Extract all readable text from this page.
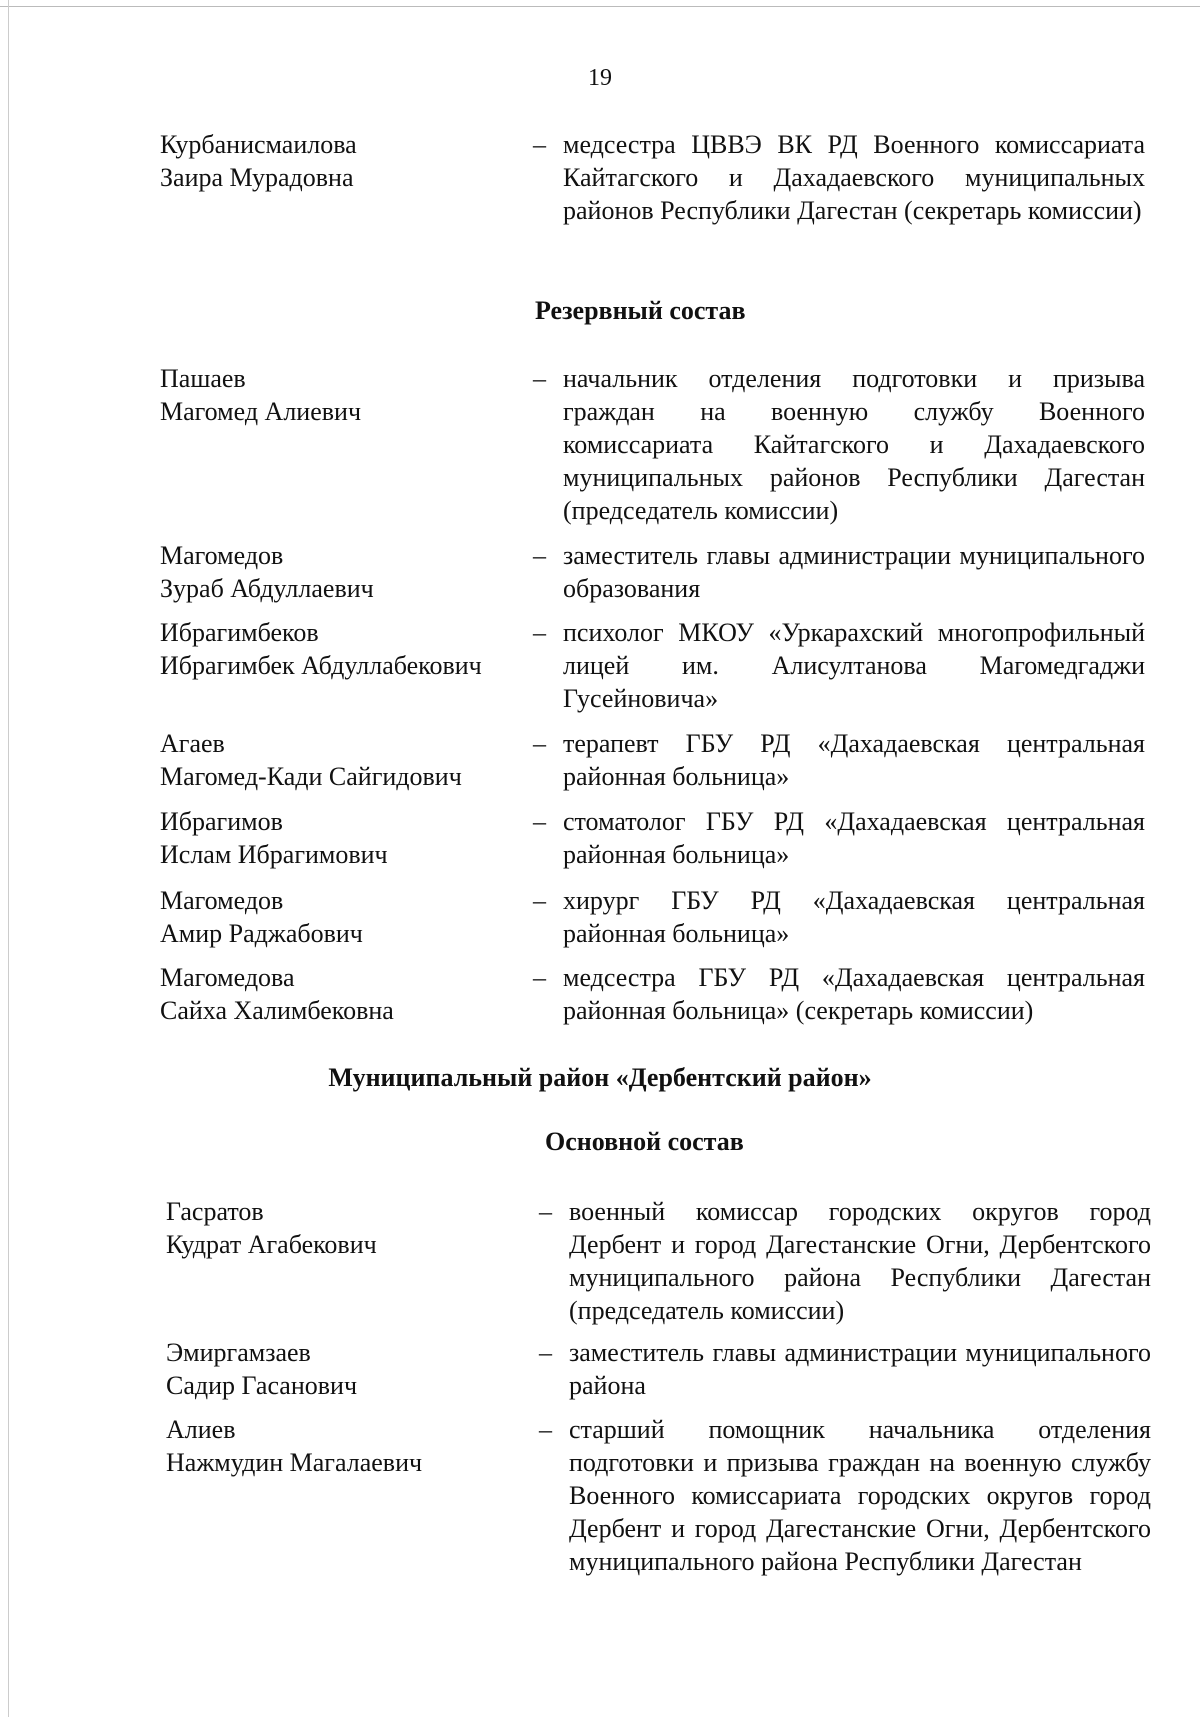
19
Курбанисмаилова
Заира Мурадовна
– медсестра ЦВВЭ ВК РД Военного комиссариата Кайтагского и Дахадаевского муниципальных районов Республики Дагестан (секретарь комиссии)
Резервный состав
Пашаев
Магомед Алиевич
– начальник отделения подготовки и призыва граждан на военную службу Военного комиссариата Кайтагского и Дахадаевского муниципальных районов Республики Дагестан (председатель комиссии)
Магомедов
Зураб Абдуллаевич
– заместитель главы администрации муниципального образования
Ибрагимбеков
Ибрагимбек Абдуллабекович
– психолог МКОУ «Уркарахский многопрофильный лицей им. Алисултанова Магомедгаджи Гусейновича»
Агаев
Магомед-Кади Сайгидович
– терапевт ГБУ РД «Дахадаевская центральная районная больница»
Ибрагимов
Ислам Ибрагимович
– стоматолог ГБУ РД «Дахадаевская центральная районная больница»
Магомедов
Амир Раджабович
– хирург ГБУ РД «Дахадаевская центральная районная больница»
Магомедова
Сайха Халимбековна
– медсестра ГБУ РД «Дахадаевская центральная районная больница» (секретарь комиссии)
Муниципальный район «Дербентский район»
Основной состав
Гасратов
Кудрат Агабекович
– военный комиссар городских округов город Дербент и город Дагестанские Огни, Дербентского муниципального района Республики Дагестан (председатель комиссии)
Эмиргамзаев
Садир Гасанович
– заместитель главы администрации муниципального района
Алиев
Нажмудин Магалаевич
– старший помощник начальника отделения подготовки и призыва граждан на военную службу Военного комиссариата городских округов город Дербент и город Дагестанские Огни, Дербентского муниципального района Республики Дагестан
